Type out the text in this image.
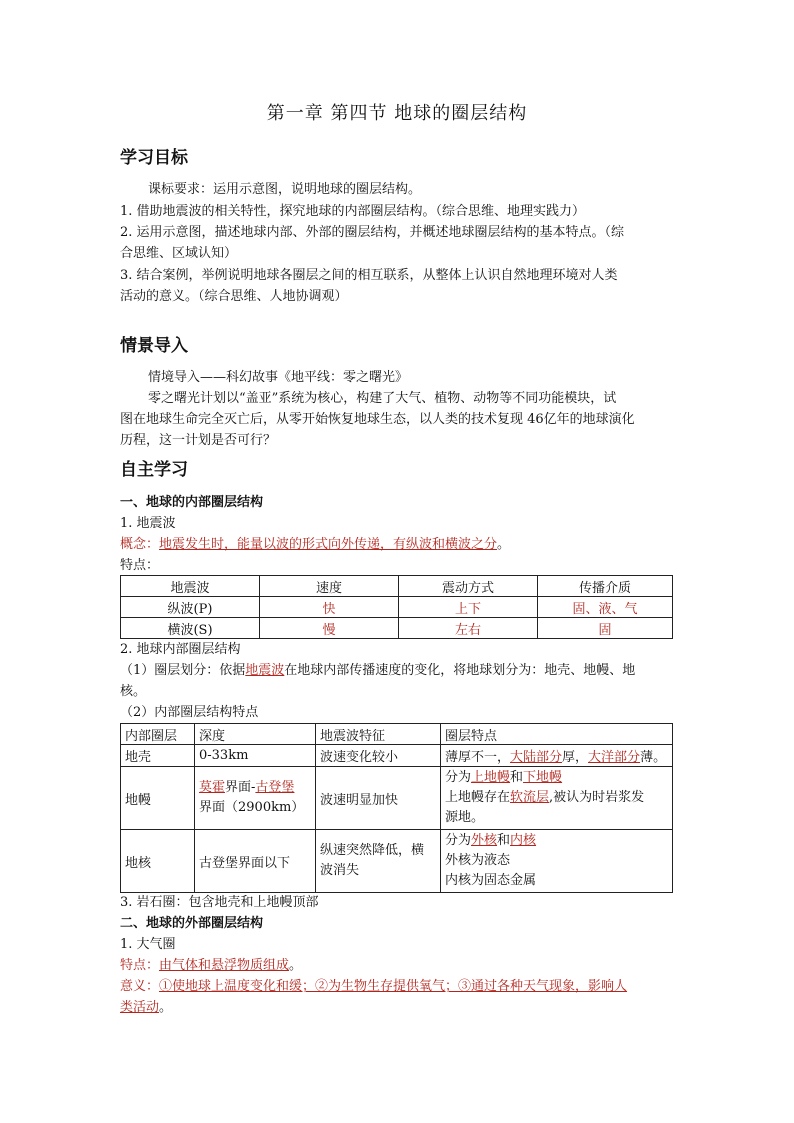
第一章 第四节 地球的圈层结构
学习目标
课标要求：运用示意图，说明地球的圈层结构。
1. 借助地震波的相关特性，探究地球的内部圈层结构。（综合思维、地理实践力）
2. 运用示意图，描述地球内部、外部的圈层结构，并概述地球圈层结构的基本特点。（综
合思维、区域认知）
3. 结合案例，举例说明地球各圈层之间的相互联系，从整体上认识自然地理环境对人类
活动的意义。（综合思维、人地协调观）
情景导入
情境导入——科幻故事《地平线：零之曙光》
零之曙光计划以“盖亚”系统为核心，构建了大气、植物、动物等不同功能模块，试
图在地球生命完全灭亡后，从零开始恢复地球生态，以人类的技术复现 46亿年的地球演化
历程，这一计划是否可行？
自主学习
一、地球的内部圈层结构
1. 地震波
概念：地震发生时，能量以波的形式向外传递，有纵波和横波之分。
特点：
地震波	速度	震动方式	传播介质
纵波(P)	快	上下	固、液、气
横波(S)	慢	左右	固
2. 地球内部圈层结构
（1）圈层划分：依据地震波在地球内部传播速度的变化，将地球划分为：地壳、地幔、地
核。
（2）内部圈层结构特点
内部圈层	深度	地震波特征	圈层特点
地壳	0-33km	波速变化较小	薄厚不一，大陆部分厚，大洋部分薄。
地幔	莫霍界面-古登堡
界面（2900km）	波速明显加快	分为上地幔和下地幔
上地幔存在软流层,被认为时岩浆发
源地。
地核	古登堡界面以下	纵速突然降低，横
波消失	分为外核和内核
外核为液态
内核为固态金属
3. 岩石圈：包含地壳和上地幔顶部
二、地球的外部圈层结构
1. 大气圈
特点：由气体和悬浮物质组成。
意义：①使地球上温度变化和缓；②为生物生存提供氧气；③通过各种天气现象，影响人
类活动。
